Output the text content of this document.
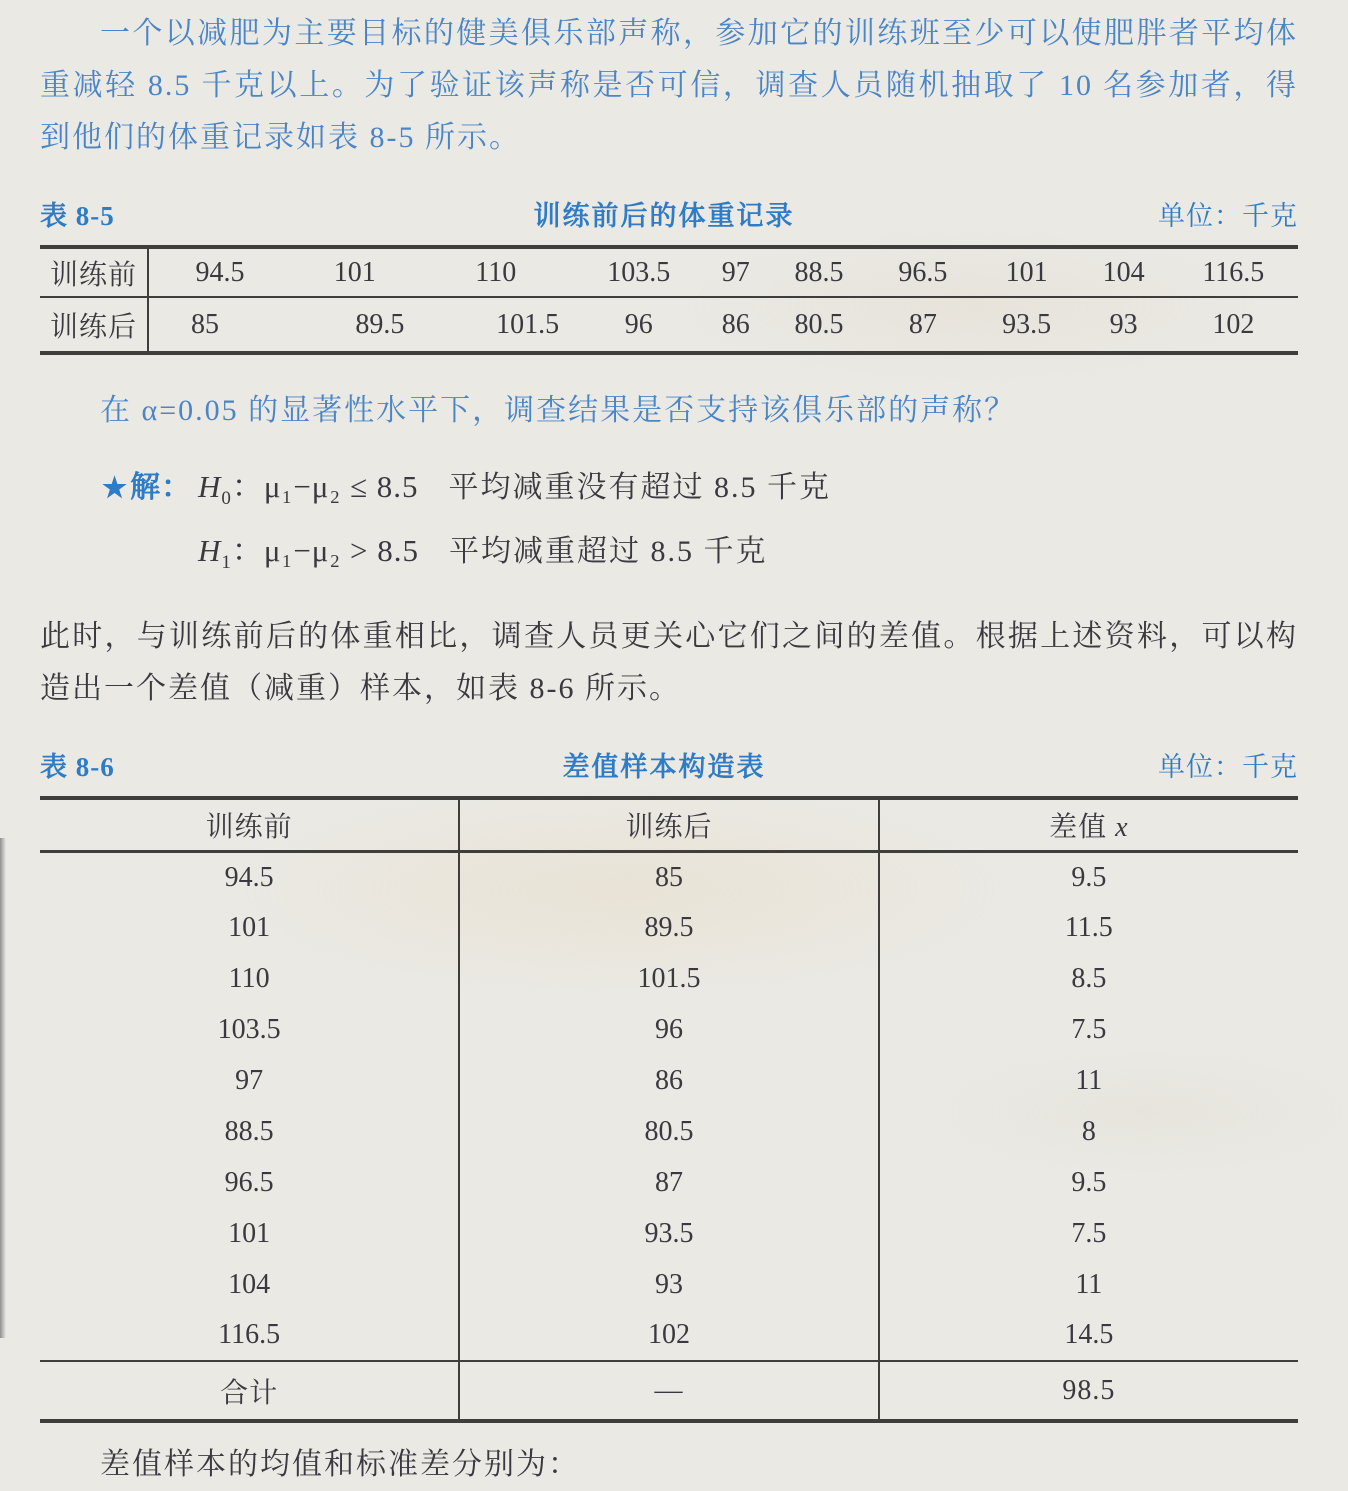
一个以减肥为主要目标的健美俱乐部声称，参加它的训练班至少可以使肥胖者平均体重减轻 8.5 千克以上。为了验证该声称是否可信，调查人员随机抽取了 10 名参加者，得到他们的体重记录如表 8-5 所示。

表 8-5	训练前后的体重记录	单位：千克
训练前	94.5	101	110	103.5	97	88.5	96.5	101	104	116.5
训练后	85	89.5	101.5	96	86	80.5	87	93.5	93	102

在 α=0.05 的显著性水平下，调查结果是否支持该俱乐部的声称？

★解： $H_0$：μ₁−μ₂ ≤ 8.5 平均减重没有超过 8.5 千克
$H_1$：μ₁−μ₂ > 8.5 平均减重超过 8.5 千克

此时，与训练前后的体重相比，调查人员更关心它们之间的差值。根据上述资料，可以构造出一个差值（减重）样本，如表 8-6 所示。

表 8-6	差值样本构造表	单位：千克
训练前	训练后	差值 x
94.5	85	9.5
101	89.5	11.5
110	101.5	8.5
103.5	96	7.5
97	86	11
88.5	80.5	8
96.5	87	9.5
101	93.5	7.5
104	93	11
116.5	102	14.5
合计	—	98.5

差值样本的均值和标准差分别为：
